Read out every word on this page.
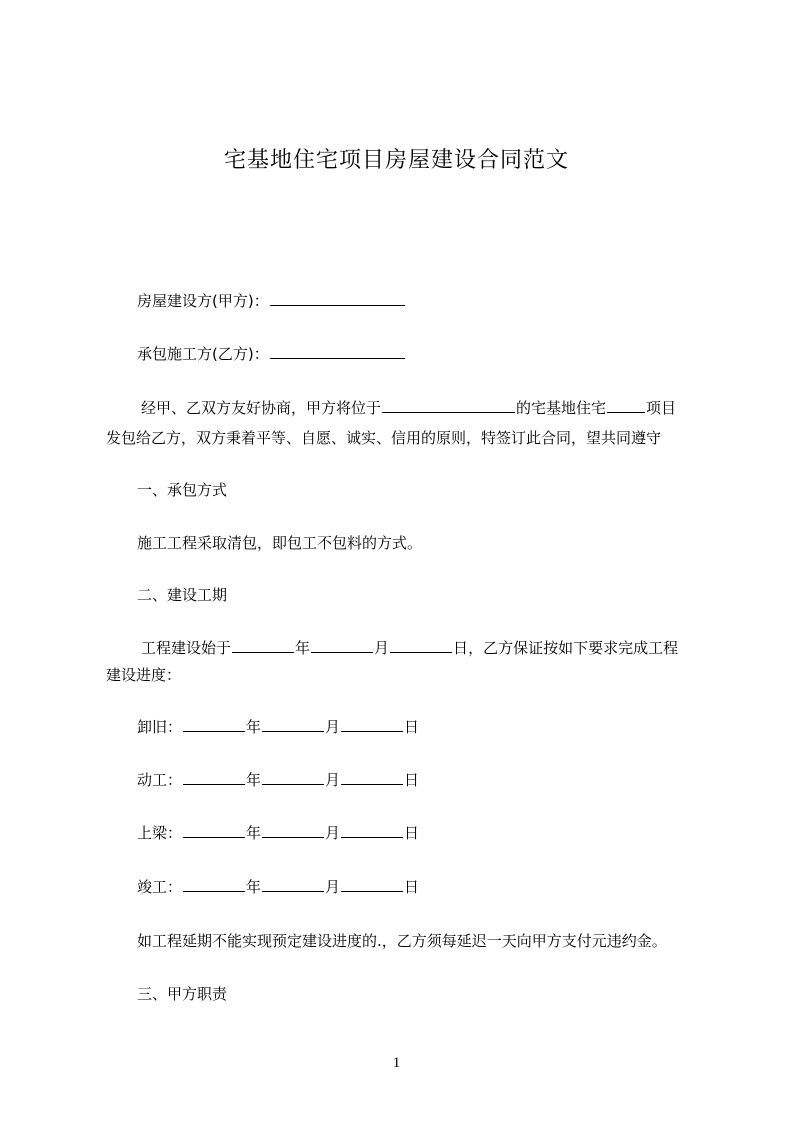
宅基地住宅项目房屋建设合同范文

房屋建设方(甲方)：

承包施工方(乙方)：

经甲、乙双方友好协商，甲方将位于	的宅基地住宅	项目

发包给乙方，双方秉着平等、自愿、诚实、信用的原则，特签订此合同，望共同遵守

一、承包方式

施工工程采取清包，即包工不包料的方式。

二、建设工期

工程建设始于	年	月	日，乙方保证按如下要求完成工程

建设进度：

卸旧：	年	月	日

动工：	年	月	日

上梁：	年	月	日

竣工：	年	月	日

如工程延期不能实现预定建设进度的.，乙方须每延迟一天向甲方支付元违约金。

三、甲方职责

1
